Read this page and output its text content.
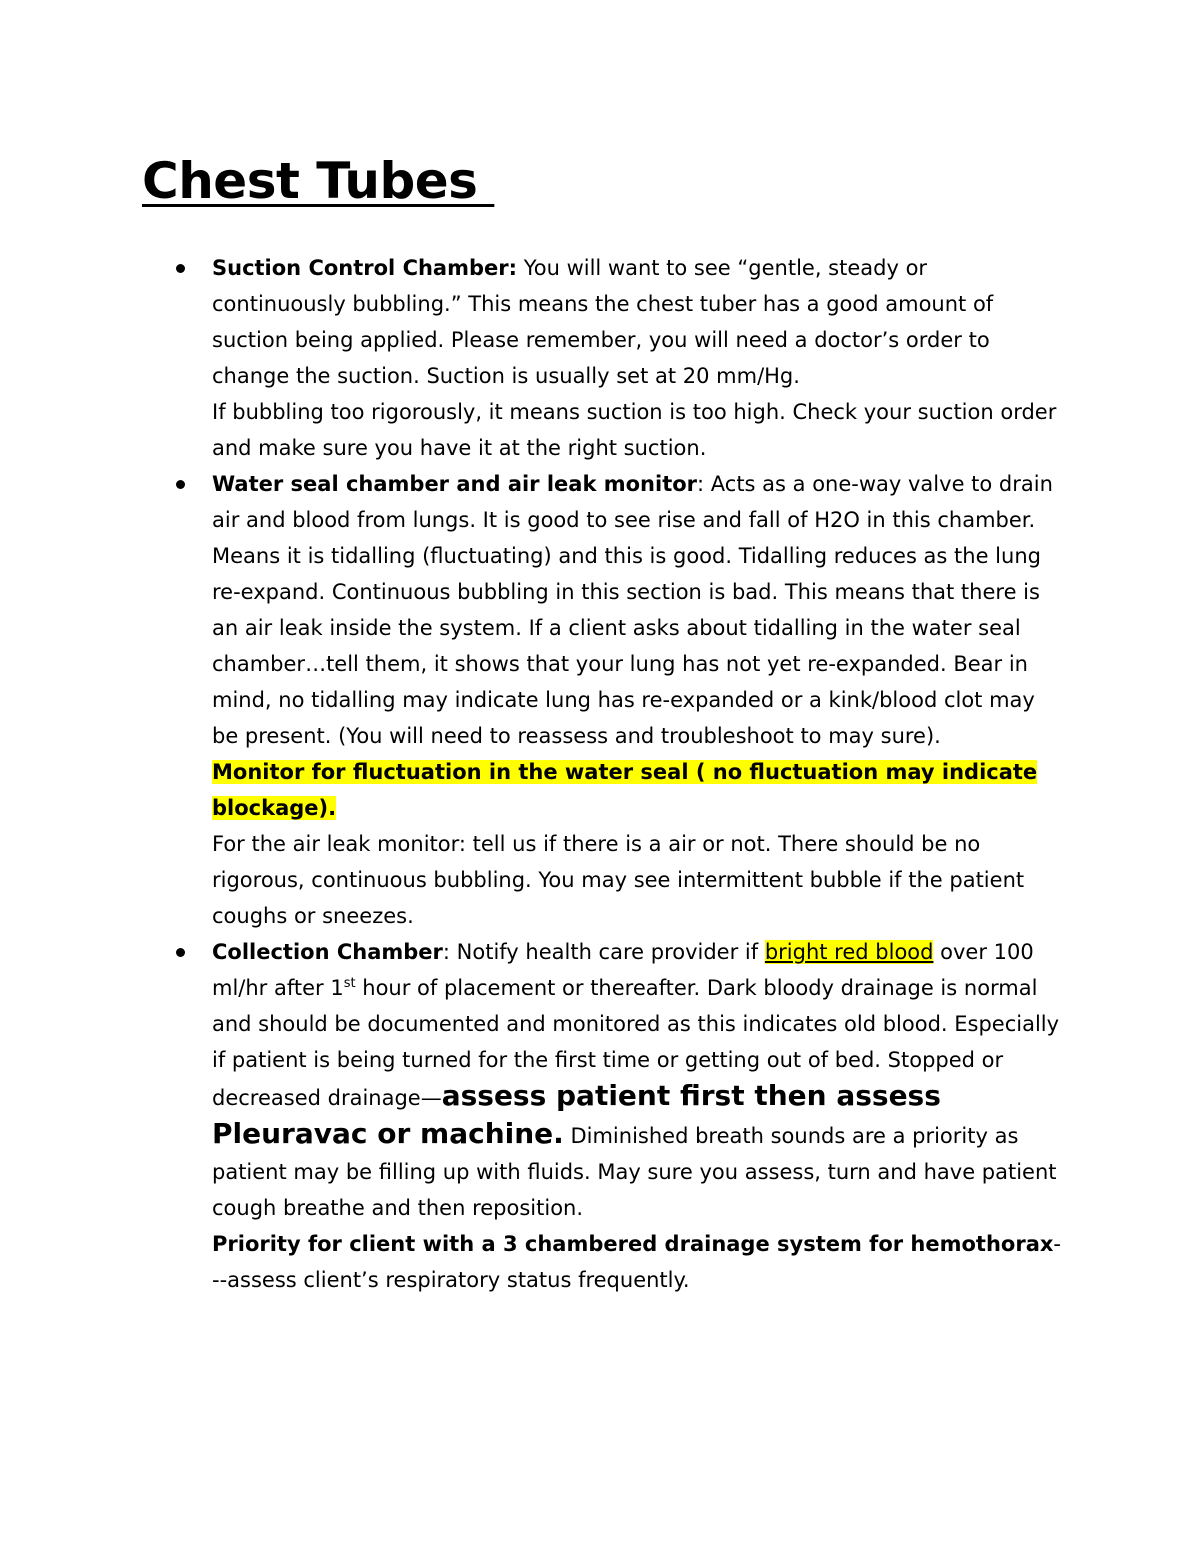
Chest Tubes

Suction Control Chamber: You will want to see “gentle, steady or continuously bubbling.” This means the chest tuber has a good amount of suction being applied. Please remember, you will need a doctor’s order to change the suction. Suction is usually set at 20 mm/Hg.

If bubbling too rigorously, it means suction is too high. Check your suction order and make sure you have it at the right suction.

Water seal chamber and air leak monitor: Acts as a one-way valve to drain air and blood from lungs. It is good to see rise and fall of H2O in this chamber. Means it is tidalling (fluctuating) and this is good. Tidalling reduces as the lung re-expand. Continuous bubbling in this section is bad. This means that there is an air leak inside the system. If a client asks about tidalling in the water seal chamber…tell them, it shows that your lung has not yet re-expanded. Bear in mind, no tidalling may indicate lung has re-expanded or a kink/blood clot may be present. (You will need to reassess and troubleshoot to may sure).

Monitor for fluctuation in the water seal ( no fluctuation may indicate blockage).

For the air leak monitor: tell us if there is a air or not. There should be no rigorous, continuous bubbling. You may see intermittent bubble if the patient coughs or sneezes.

Collection Chamber: Notify health care provider if bright red blood over 100 ml/hr after 1st hour of placement or thereafter. Dark bloody drainage is normal and should be documented and monitored as this indicates old blood. Especially if patient is being turned for the first time or getting out of bed. Stopped or decreased drainage—assess patient first then assess Pleuravac or machine. Diminished breath sounds are a priority as patient may be filling up with fluids. May sure you assess, turn and have patient cough breathe and then reposition.

Priority for client with a 3 chambered drainage system for hemothorax---assess client’s respiratory status frequently.
